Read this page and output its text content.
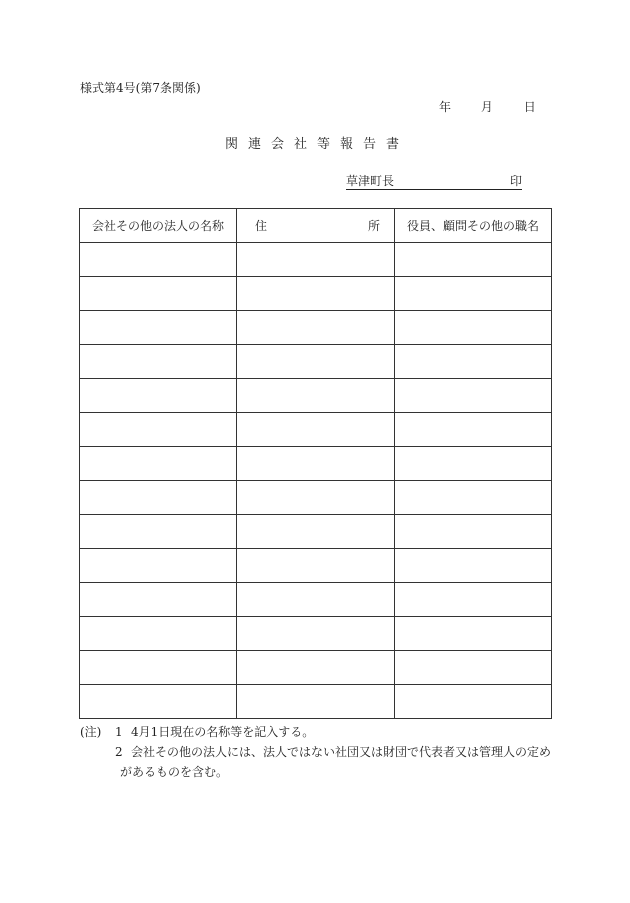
様式第4号(第7条関係)
年 月	日
関連会社等報告書
草津町長	印
会社その他の法人の名称	住 所	役員、顧問その他の職名

(注) 1 4月1日現在の名称等を記入する。
2 会社その他の法人には、法人ではない社団又は財団で代表者又は管理人の定め
があるものを含む。
